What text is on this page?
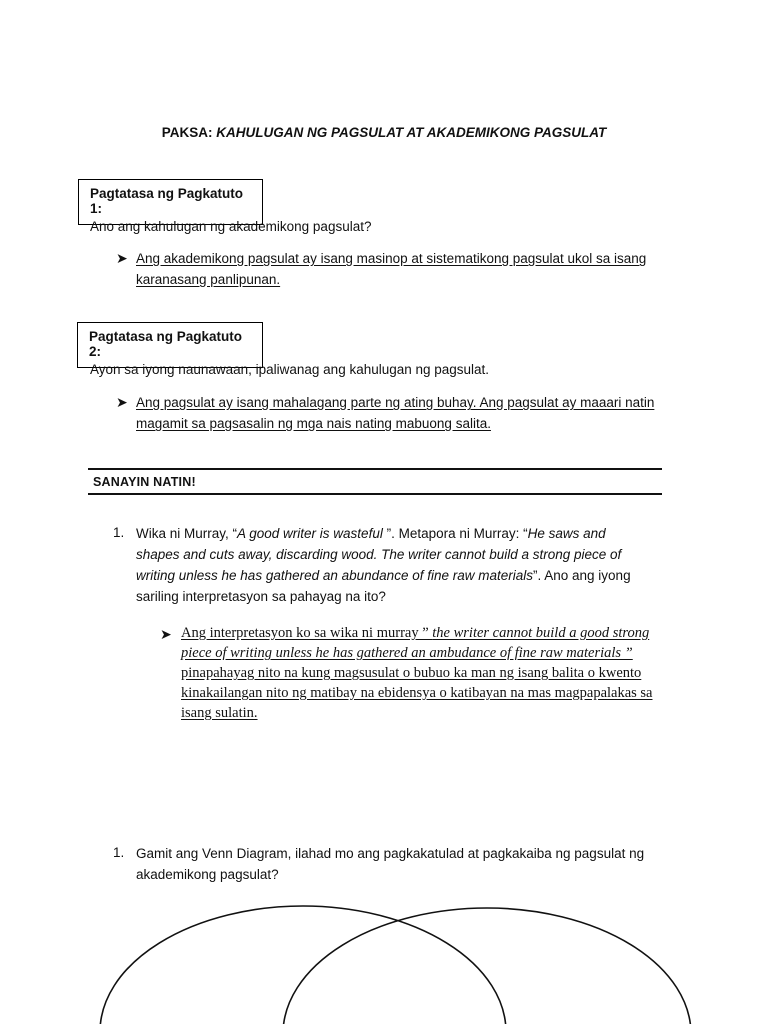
PAKSA: KAHULUGAN NG PAGSULAT AT AKADEMIKONG PAGSULAT
Pagtatasa ng Pagkatuto 1:
Ano ang kahulugan ng akademikong pagsulat?
➤ Ang akademikong pagsulat ay isang masinop at sistematikong pagsulat ukol sa isang
karanasang panlipunan.
Pagtatasa ng Pagkatuto 2:
Ayon sa iyong naunawaan, ipaliwanag ang kahulugan ng pagsulat.
➤ Ang pagsulat ay isang mahalagang parte ng ating buhay. Ang pagsulat ay maaari natin
magamit sa pagsasalin ng mga nais nating mabuong salita.
SANAYIN NATIN!
1. Wika ni Murray, “A good writer is wasteful ”. Metapora ni Murray: “He saws and
shapes and cuts away, discarding wood. The writer cannot build a strong piece of
writing unless he has gathered an abundance of fine raw materials”. Ano ang iyong
sariling interpretasyon sa pahayag na ito?
➤ Ang interpretasyon ko sa wika ni murray ” the writer cannot build a good strong
piece of writing unless he has gathered an ambudance of fine raw materials ”
pinapahayag nito na kung magsusulat o bubuo ka man ng isang balita o kwento
kinakailangan nito ng matibay na ebidensya o katibayan na mas magpapalakas sa
isang sulatin.
1. Gamit ang Venn Diagram, ilahad mo ang pagkakatulad at pagkakaiba ng pagsulat ng
akademikong pagsulat?
